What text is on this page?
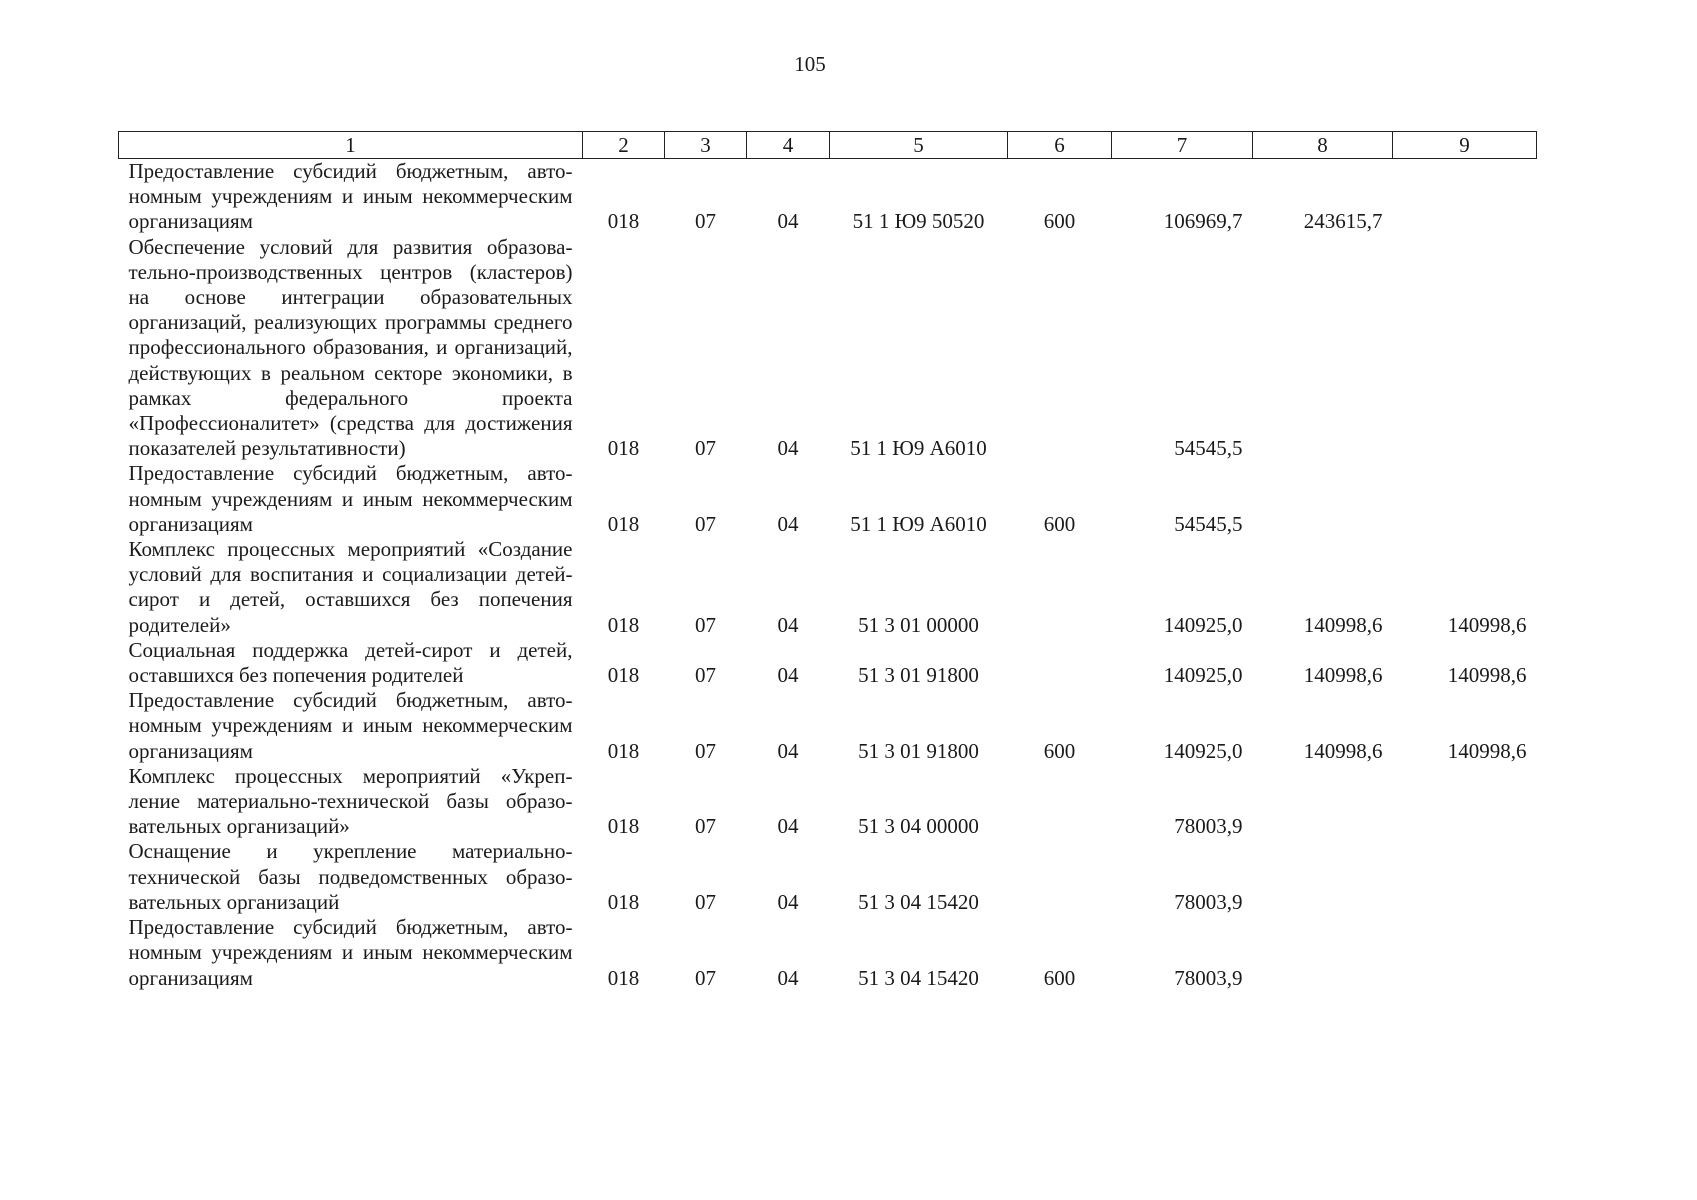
105
1	2	3	4	5	6	7	8	9
Предоставление субсидий бюджетным, автономным учреждениям и иным некоммерческим организациям	018	07	04	51 1 Ю9 50520	600	106969,7	243615,7	
Обеспечение условий для развития образовательно-производственных центров (кластеров) на основе интеграции образовательных организаций, реализующих программы среднего профессионального образования, и организаций, действующих в реальном секторе экономики, в рамках федерального проекта «Профессионалитет» (средства для достижения показателей результативности)	018	07	04	51 1 Ю9 А6010		54545,5		
Предоставление субсидий бюджетным, автономным учреждениям и иным некоммерческим организациям	018	07	04	51 1 Ю9 А6010	600	54545,5		
Комплекс процессных мероприятий «Создание условий для воспитания и социализации детей-сирот и детей, оставшихся без попечения родителей»	018	07	04	51 3 01 00000		140925,0	140998,6	140998,6
Социальная поддержка детей-сирот и детей, оставшихся без попечения родителей	018	07	04	51 3 01 91800		140925,0	140998,6	140998,6
Предоставление субсидий бюджетным, автономным учреждениям и иным некоммерческим организациям	018	07	04	51 3 01 91800	600	140925,0	140998,6	140998,6
Комплекс процессных мероприятий «Укрепление материально-технической базы образовательных организаций»	018	07	04	51 3 04 00000		78003,9		
Оснащение и укрепление материально-технической базы подведомственных образовательных организаций	018	07	04	51 3 04 15420		78003,9		
Предоставление субсидий бюджетным, автономным учреждениям и иным некоммерческим организациям	018	07	04	51 3 04 15420	600	78003,9		
